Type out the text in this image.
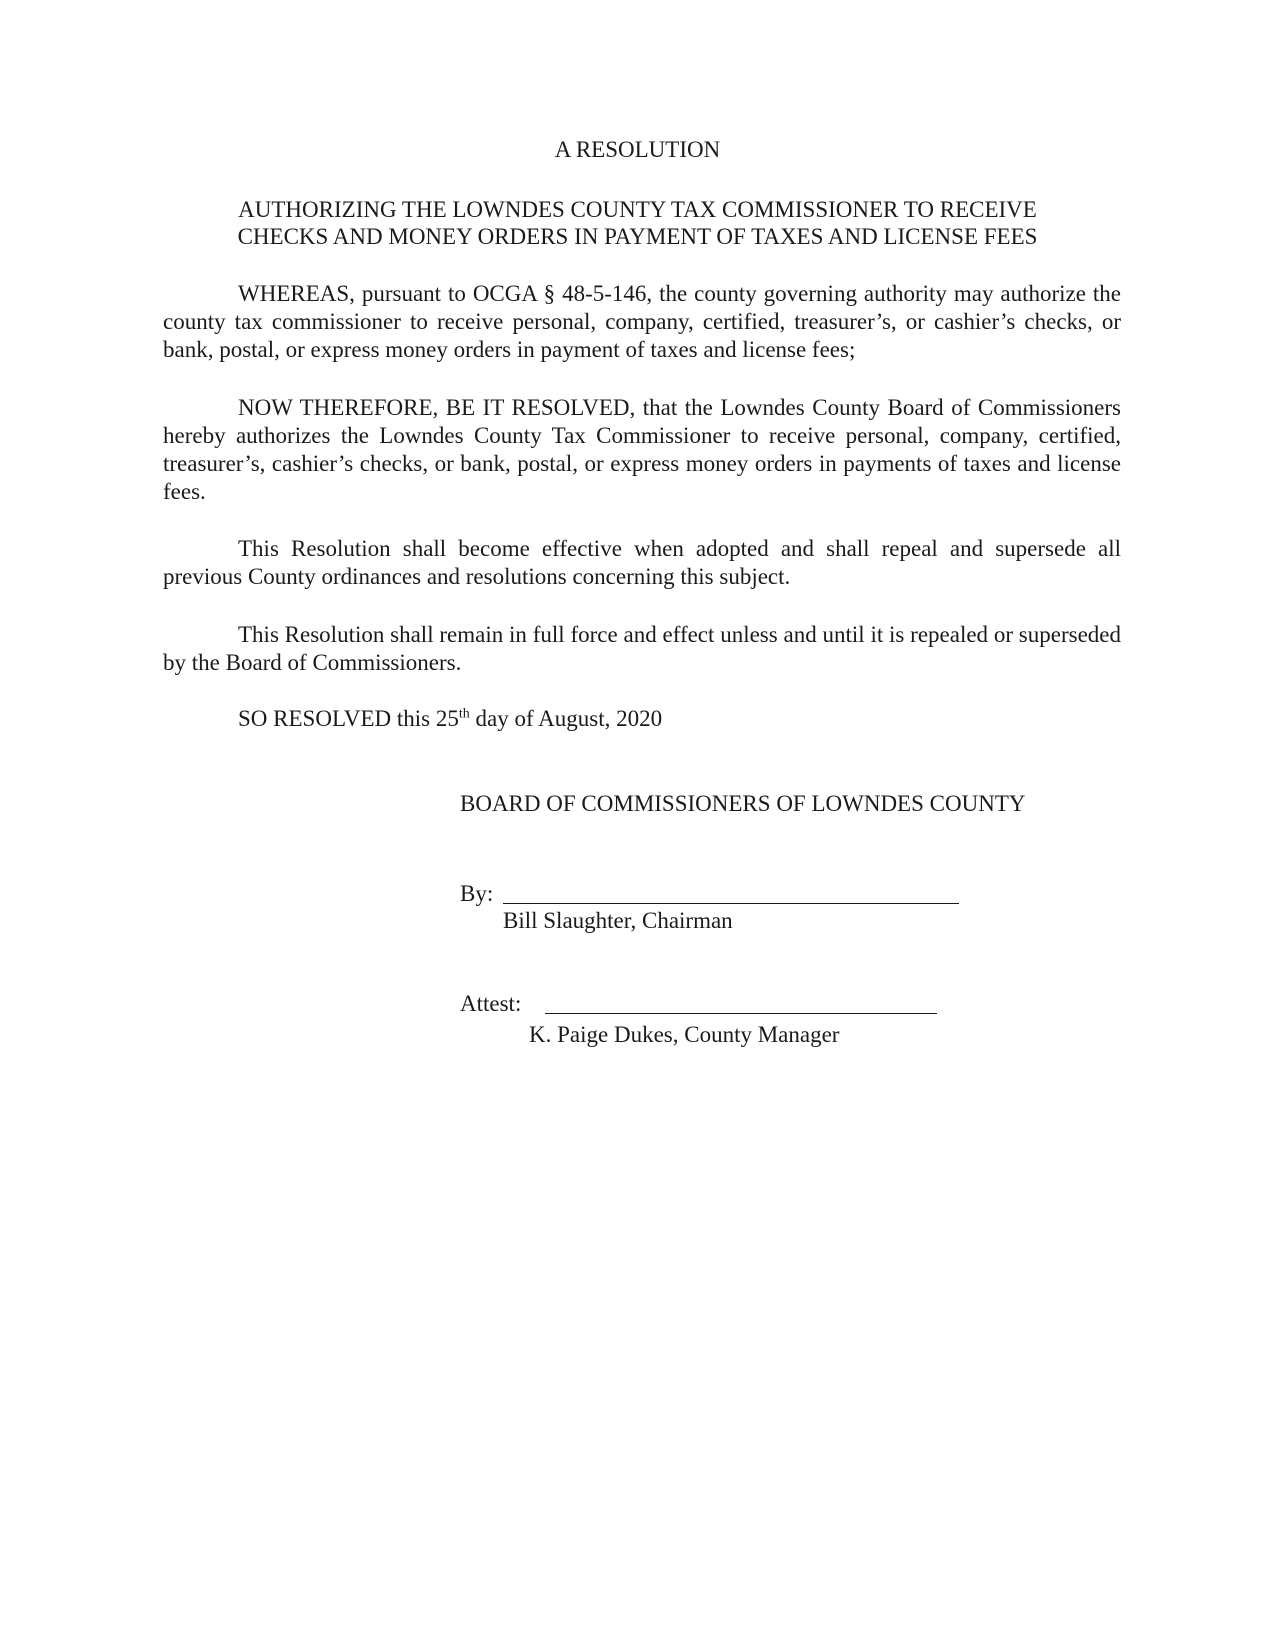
A RESOLUTION
AUTHORIZING THE LOWNDES COUNTY TAX COMMISSIONER TO RECEIVE
CHECKS AND MONEY ORDERS IN PAYMENT OF TAXES AND LICENSE FEES

WHEREAS, pursuant to OCGA § 48-5-146, the county governing authority may authorize the county tax commissioner to receive personal, company, certified, treasurer’s, or cashier’s checks, or bank, postal, or express money orders in payment of taxes and license fees;

NOW THEREFORE, BE IT RESOLVED, that the Lowndes County Board of Commissioners hereby authorizes the Lowndes County Tax Commissioner to receive personal, company, certified, treasurer’s, cashier’s checks, or bank, postal, or express money orders in payments of taxes and license fees.

This Resolution shall become effective when adopted and shall repeal and supersede all previous County ordinances and resolutions concerning this subject.

This Resolution shall remain in full force and effect unless and until it is repealed or superseded by the Board of Commissioners.

SO RESOLVED this 25th day of August, 2020
BOARD OF COMMISSIONERS OF LOWNDES COUNTY
By:
Bill Slaughter, Chairman
Attest:
K. Paige Dukes, County Manager
